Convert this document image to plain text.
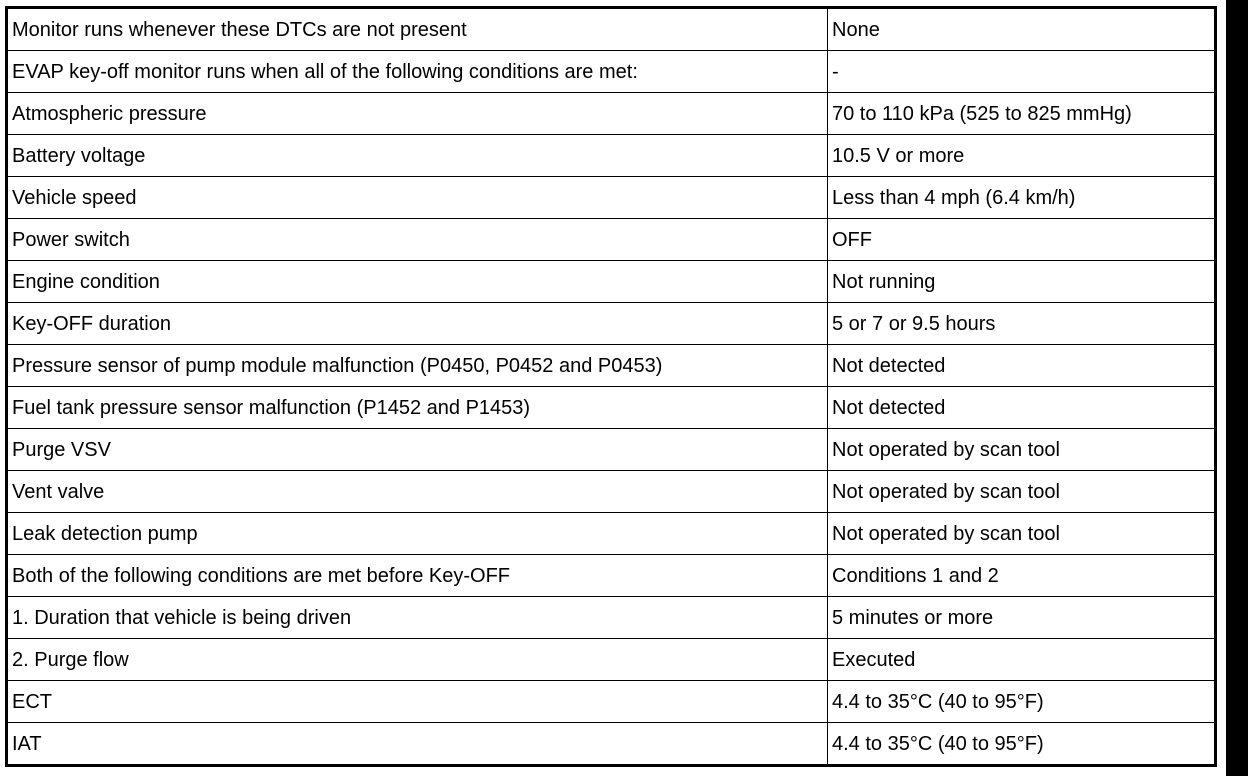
Monitor runs whenever these DTCs are not present	None
EVAP key-off monitor runs when all of the following conditions are met:	-
Atmospheric pressure	70 to 110 kPa (525 to 825 mmHg)
Battery voltage	10.5 V or more
Vehicle speed	Less than 4 mph (6.4 km/h)
Power switch	OFF
Engine condition	Not running
Key-OFF duration	5 or 7 or 9.5 hours
Pressure sensor of pump module malfunction (P0450, P0452 and P0453)	Not detected
Fuel tank pressure sensor malfunction (P1452 and P1453)	Not detected
Purge VSV	Not operated by scan tool
Vent valve	Not operated by scan tool
Leak detection pump	Not operated by scan tool
Both of the following conditions are met before Key-OFF	Conditions 1 and 2
1. Duration that vehicle is being driven	5 minutes or more
2. Purge flow	Executed
ECT	4.4 to 35°C (40 to 95°F)
IAT	4.4 to 35°C (40 to 95°F)
